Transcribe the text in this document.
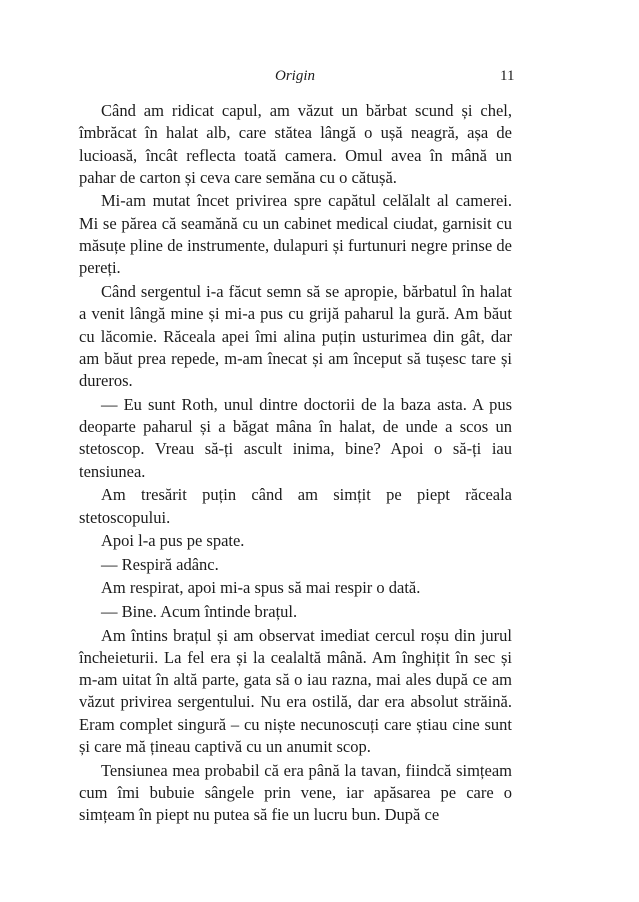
Origin	11

Când am ridicat capul, am văzut un bărbat scund și chel, îmbrăcat în halat alb, care stătea lângă o ușă neagră, așa de lucioasă, încât reflecta toată camera. Omul avea în mână un pahar de carton și ceva care semăna cu o cătușă.

Mi-am mutat încet privirea spre capătul celălalt al camerei. Mi se părea că seamănă cu un cabinet medical ciudat, garnisit cu măsuțe pline de instrumente, dulapuri și furtunuri negre prinse de pereți.

Când sergentul i-a făcut semn să se apropie, bărbatul în halat a venit lângă mine și mi-a pus cu grijă paharul la gură. Am băut cu lăcomie. Răceala apei îmi alina puțin usturimea din gât, dar am băut prea repede, m-am înecat și am început să tușesc tare și dureros.

— Eu sunt Roth, unul dintre doctorii de la baza asta. A pus deoparte paharul și a băgat mâna în halat, de unde a scos un stetoscop. Vreau să-ți ascult inima, bine? Apoi o să-ți iau tensiunea.

Am tresărit puțin când am simțit pe piept răceala stetoscopului.

Apoi l-a pus pe spate.

— Respiră adânc.

Am respirat, apoi mi-a spus să mai respir o dată.

— Bine. Acum întinde brațul.

Am întins brațul și am observat imediat cercul roșu din jurul încheieturii. La fel era și la cealaltă mână. Am înghițit în sec și m-am uitat în altă parte, gata să o iau razna, mai ales după ce am văzut privirea sergentului. Nu era ostilă, dar era absolut străină. Eram complet singură – cu niște necunoscuți care știau cine sunt și care mă țineau captivă cu un anumit scop.

Tensiunea mea probabil că era până la tavan, fiindcă simțeam cum îmi bubuie sângele prin vene, iar apăsarea pe care o simțeam în piept nu putea să fie un lucru bun. După ce
